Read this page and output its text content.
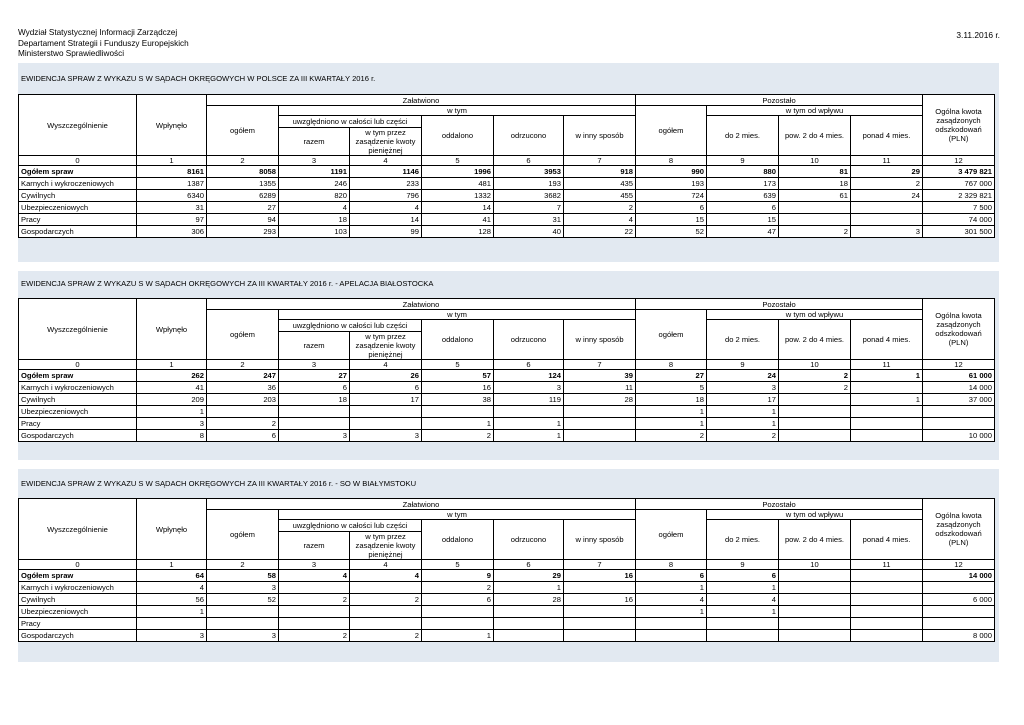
Wydział Statystycznej Informacji Zarządczej
Departament Strategii i Funduszy Europejskich
Ministerstwo Sprawiedliwości
3.11.2016 r.
EWIDENCJA SPRAW Z WYKAZU S W SĄDACH OKRĘGOWYCH W POLSCE ZA III KWARTAŁY 2016 r.
Wyszczególnienie	Wpłynęło	Załatwiono						Pozostało				Ogólna kwota zasądzonych odszkodowań (PLN)
		ogółem	w tym					ogółem	w tym od wpływu			
			uwzględniono w całości lub części		oddalono	odrzucono	w inny sposób		do 2 mies.	pow. 2 do 4 mies.	ponad 4 mies.	
			razem	w tym przez zasądzenie kwoty pieniężnej								

0	1	2	3	4	5	6	7	8	9	10	11	12
Ogółem spraw	8161	8058	1191	1146	1996	3953	918	990	880	81	29	3 479 821
Karnych i wykroczeniowych	1387	1355	246	233	481	193	435	193	173	18	2	767 000
Cywilnych	6340	6289	820	796	1332	3682	455	724	639	61	24	2 329 821
Ubezpieczeniowych	31	27	4	4	14	7	2	6	6			7 500
Pracy	97	94	18	14	41	31	4	15	15			74 000
Gospodarczych	306	293	103	99	128	40	22	52	47	2	3	301 500
EWIDENCJA SPRAW Z WYKAZU S W SĄDACH OKRĘGOWYCH ZA III KWARTAŁY 2016 r. - APELACJA BIAŁOSTOCKA
Wyszczególnienie	Wpłynęło	Załatwiono						Pozostało				Ogólna kwota zasądzonych odszkodowań (PLN)
		ogółem	w tym					ogółem	w tym od wpływu			
			uwzględniono w całości lub części		oddalono	odrzucono	w inny sposób		do 2 mies.	pow. 2 do 4 mies.	ponad 4 mies.	
			razem	w tym przez zasądzenie kwoty pieniężnej								

0	1	2	3	4	5	6	7	8	9	10	11	12
Ogółem spraw	262	247	27	26	57	124	39	27	24	2	1	61 000
Karnych i wykroczeniowych	41	36	6	6	16	3	11	5	3	2		14 000
Cywilnych	209	203	18	17	38	119	28	18	17		1	37 000
Ubezpieczeniowych	1							1	1			
Pracy	3	2			1	1		1	1			
Gospodarczych	8	6	3	3	2	1		2	2			10 000
EWIDENCJA SPRAW Z WYKAZU S W SĄDACH OKRĘGOWYCH ZA III KWARTAŁY 2016 r. - SO W BIAŁYMSTOKU
Wyszczególnienie	Wpłynęło	Załatwiono						Pozostało				Ogólna kwota zasądzonych odszkodowań (PLN)
		ogółem	w tym					ogółem	w tym od wpływu			
			uwzględniono w całości lub części		oddalono	odrzucono	w inny sposób		do 2 mies.	pow. 2 do 4 mies.	ponad 4 mies.	
			razem	w tym przez zasądzenie kwoty pieniężnej								

0	1	2	3	4	5	6	7	8	9	10	11	12
Ogółem spraw	64	58	4	4	9	29	16	6	6			14 000
Karnych i wykroczeniowych	4	3			2	1		1	1			
Cywilnych	56	52	2	2	6	28	16	4	4			6 000
Ubezpieczeniowych	1							1	1			
Pracy												
Gospodarczych	3	3	2	2	1							8 000
